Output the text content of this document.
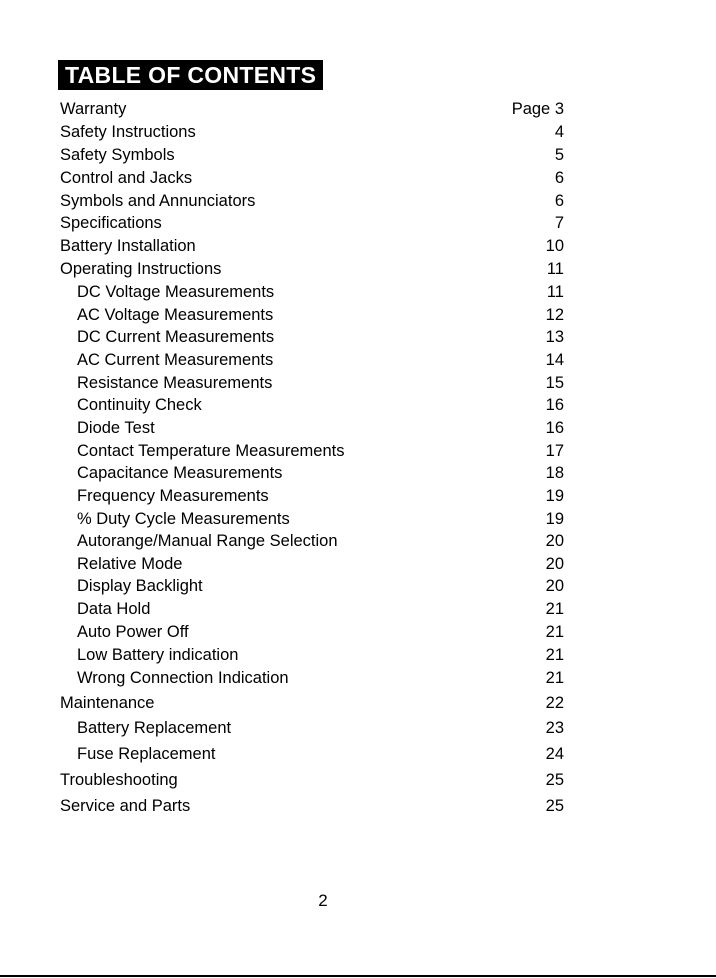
TABLE OF CONTENTS
Warranty	Page 3
Safety Instructions	4
Safety Symbols	5
Control and Jacks	6
Symbols and Annunciators	6
Specifications	7
Battery Installation	10
Operating Instructions	11
DC Voltage Measurements	11
AC Voltage Measurements	12
DC Current Measurements	13
AC Current Measurements	14
Resistance Measurements	15
Continuity Check	16
Diode Test	16
Contact Temperature Measurements	17
Capacitance Measurements	18
Frequency Measurements	19
% Duty Cycle Measurements	19
Autorange/Manual Range Selection	20
Relative Mode	20
Display Backlight	20
Data Hold	21
Auto Power Off	21
Low Battery indication	21
Wrong Connection Indication	21
Maintenance	22
Battery Replacement	23
Fuse Replacement	24
Troubleshooting	25
Service and Parts	25
2
